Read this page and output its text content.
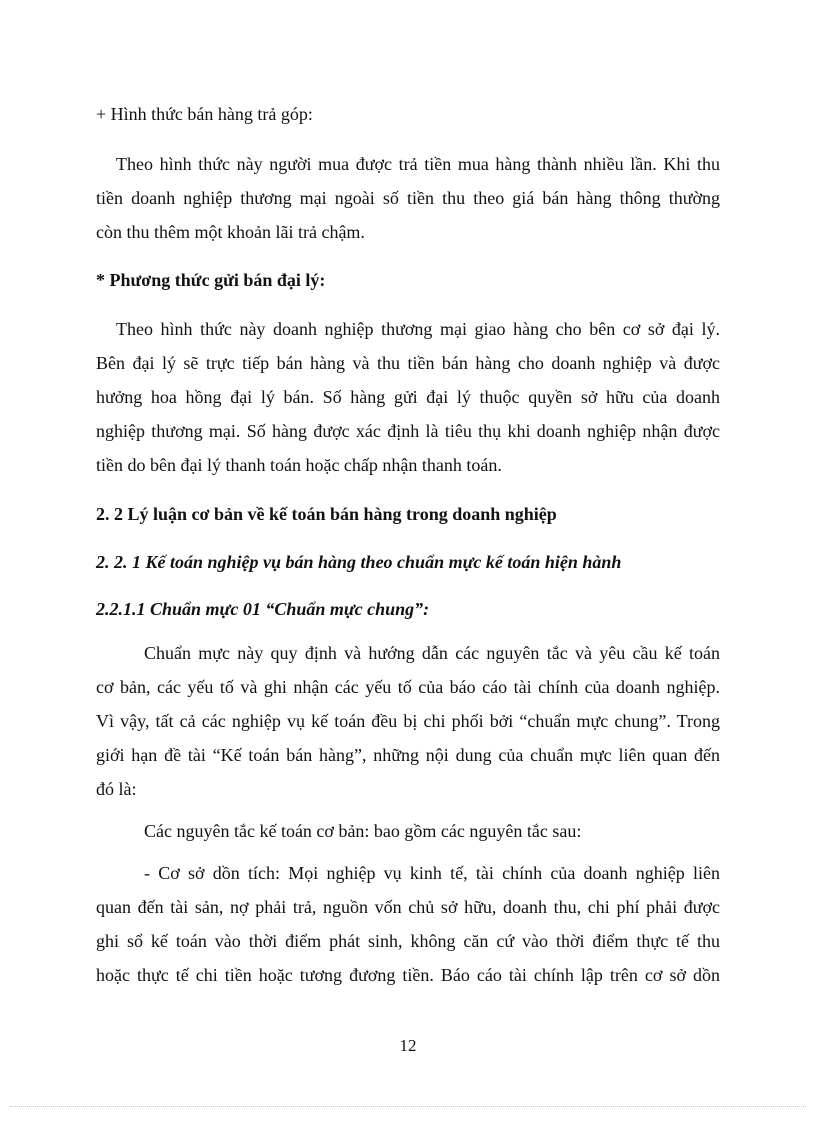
+ Hình thức bán hàng trả góp:
Theo hình thức này người mua được trả tiền mua hàng thành nhiều lần. Khi thu
tiền doanh nghiệp thương mại ngoài số tiền thu theo giá bán hàng thông thường
còn thu thêm một khoản lãi trả chậm.
* Phương thức gửi bán đại lý:
Theo hình thức này doanh nghiệp thương mại giao hàng cho bên cơ sở đại lý.
Bên đại lý sẽ trực tiếp bán hàng và thu tiền bán hàng cho doanh nghiệp và được
hưởng hoa hồng đại lý bán. Số hàng gửi đại lý thuộc quyền sở hữu của doanh
nghiệp thương mại. Số hàng được xác định là tiêu thụ khi doanh nghiệp nhận được
tiền do bên đại lý thanh toán hoặc chấp nhận thanh toán.
2. 2 Lý luận cơ bản về kế toán bán hàng trong doanh nghiệp
2. 2. 1 Kế toán nghiệp vụ bán hàng theo chuẩn mực kế toán hiện hành
2.2.1.1 Chuẩn mực 01 “Chuẩn mực chung”:
Chuẩn mực này quy định và hướng dẫn các nguyên tắc và yêu cầu kế toán
cơ bản, các yếu tố và ghi nhận các yếu tố của báo cáo tài chính của doanh nghiệp.
Vì vậy, tất cả các nghiệp vụ kế toán đều bị chi phối bởi “chuẩn mực chung”. Trong
giới hạn đề tài “Kế toán bán hàng”, những nội dung của chuẩn mực liên quan đến
đó là:
Các nguyên tắc kế toán cơ bản: bao gồm các nguyên tắc sau:
- Cơ sở dồn tích: Mọi nghiệp vụ kinh tế, tài chính của doanh nghiệp liên
quan đến tài sản, nợ phải trả, nguồn vốn chủ sở hữu, doanh thu, chi phí phải được
ghi sổ kế toán vào thời điểm phát sinh, không căn cứ vào thời điểm thực tế thu
hoặc thực tế chi tiền hoặc tương đương tiền. Báo cáo tài chính lập trên cơ sở dồn
12
